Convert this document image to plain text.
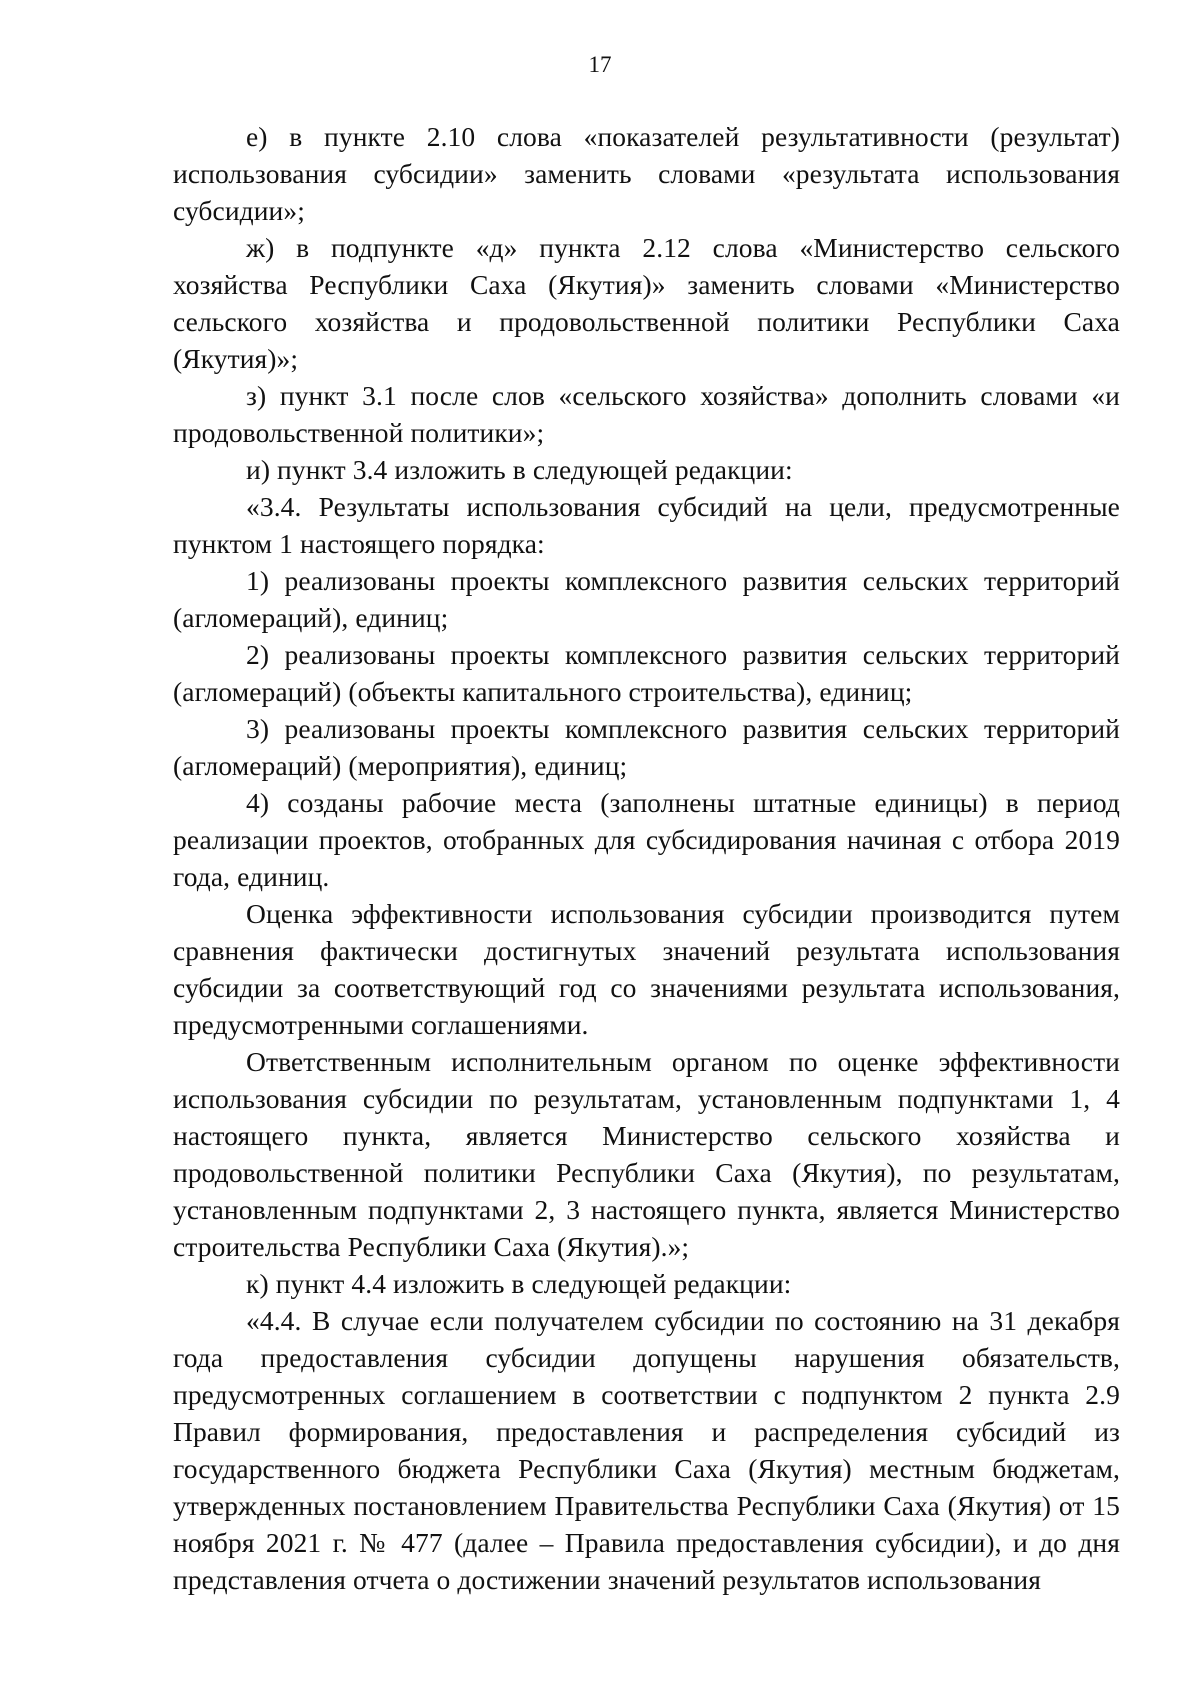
17

е) в пункте 2.10 слова «показателей результативности (результат) использования субсидии» заменить словами «результата использования субсидии»;

ж) в подпункте «д» пункта 2.12 слова «Министерство сельского хозяйства Республики Саха (Якутия)» заменить словами «Министерство сельского хозяйства и продовольственной политики Республики Саха (Якутия)»;

з) пункт 3.1 после слов «сельского хозяйства» дополнить словами «и продовольственной политики»;

и) пункт 3.4 изложить в следующей редакции:

«3.4. Результаты использования субсидий на цели, предусмотренные пунктом 1 настоящего порядка:

1) реализованы проекты комплексного развития сельских территорий (агломераций), единиц;

2) реализованы проекты комплексного развития сельских территорий (агломераций) (объекты капитального строительства), единиц;

3) реализованы проекты комплексного развития сельских территорий (агломераций) (мероприятия), единиц;

4) созданы рабочие места (заполнены штатные единицы) в период реализации проектов, отобранных для субсидирования начиная с отбора 2019 года, единиц.

Оценка эффективности использования субсидии производится путем сравнения фактически достигнутых значений результата использования субсидии за соответствующий год со значениями результата использования, предусмотренными соглашениями.

Ответственным исполнительным органом по оценке эффективности использования субсидии по результатам, установленным подпунктами 1, 4 настоящего пункта, является Министерство сельского хозяйства и продовольственной политики Республики Саха (Якутия), по результатам, установленным подпунктами 2, 3 настоящего пункта, является Министерство строительства Республики Саха (Якутия).»;

к) пункт 4.4 изложить в следующей редакции:

«4.4. В случае если получателем субсидии по состоянию на 31 декабря года предоставления субсидии допущены нарушения обязательств, предусмотренных соглашением в соответствии с подпунктом 2 пункта 2.9 Правил формирования, предоставления и распределения субсидий из государственного бюджета Республики Саха (Якутия) местным бюджетам, утвержденных постановлением Правительства Республики Саха (Якутия) от 15 ноября 2021 г. № 477 (далее – Правила предоставления субсидии), и до дня представления отчета о достижении значений результатов использования
